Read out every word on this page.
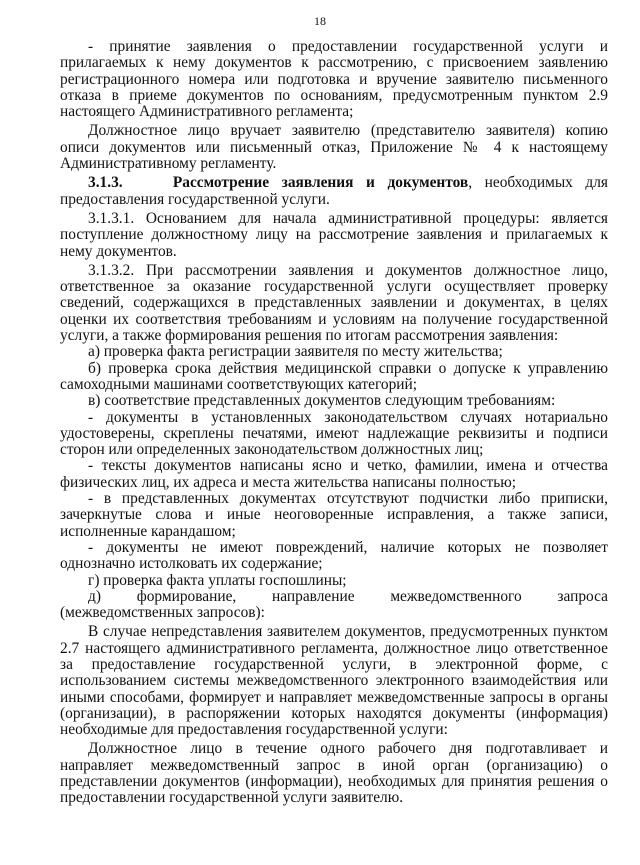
18

- принятие заявления о предоставлении государственной услуги и прилагаемых к нему документов к рассмотрению, с присвоением заявлению регистрационного номера или подготовка и вручение заявителю письменного отказа в приеме документов по основаниям, предусмотренным пунктом 2.9 настоящего Административного регламента;

Должностное лицо вручает заявителю (представителю заявителя) копию описи документов или письменный отказ, Приложение № 4 к настоящему Административному регламенту.

3.1.3.	Рассмотрение заявления и документов, необходимых для предоставления государственной услуги.

3.1.3.1. Основанием для начала административной процедуры: является поступление должностному лицу на рассмотрение заявления и прилагаемых к нему документов.

3.1.3.2. При рассмотрении заявления и документов должностное лицо, ответственное за оказание государственной услуги осуществляет проверку сведений, содержащихся в представленных заявлении и документах, в целях оценки их соответствия требованиям и условиям на получение государственной услуги, а также формирования решения по итогам рассмотрения заявления:

а) проверка факта регистрации заявителя по месту жительства;

б) проверка срока действия медицинской справки о допуске к управлению самоходными машинами соответствующих категорий;

в) соответствие представленных документов следующим требованиям:

- документы в установленных законодательством случаях нотариально удостоверены, скреплены печатями, имеют надлежащие реквизиты и подписи сторон или определенных законодательством должностных лиц;

- тексты документов написаны ясно и четко, фамилии, имена и отчества физических лиц, их адреса и места жительства написаны полностью;

- в представленных документах отсутствуют подчистки либо приписки, зачеркнутые слова и иные неоговоренные исправления, а также записи, исполненные карандашом;

- документы не имеют повреждений, наличие которых не позволяет однозначно истолковать их содержание;

г) проверка факта уплаты госпошлины;

д) формирование, направление межведомственного запроса (межведомственных запросов):

В случае непредставления заявителем документов, предусмотренных пунктом 2.7 настоящего административного регламента, должностное лицо ответственное за предоставление государственной услуги, в электронной форме, с использованием системы межведомственного электронного взаимодействия или иными способами, формирует и направляет межведомственные запросы в органы (организации), в распоряжении которых находятся документы (информация) необходимые для предоставления государственной услуги:

Должностное лицо в течение одного рабочего дня подготавливает и направляет межведомственный запрос в иной орган (организацию) о представлении документов (информации), необходимых для принятия решения о предоставлении государственной услуги заявителю.
